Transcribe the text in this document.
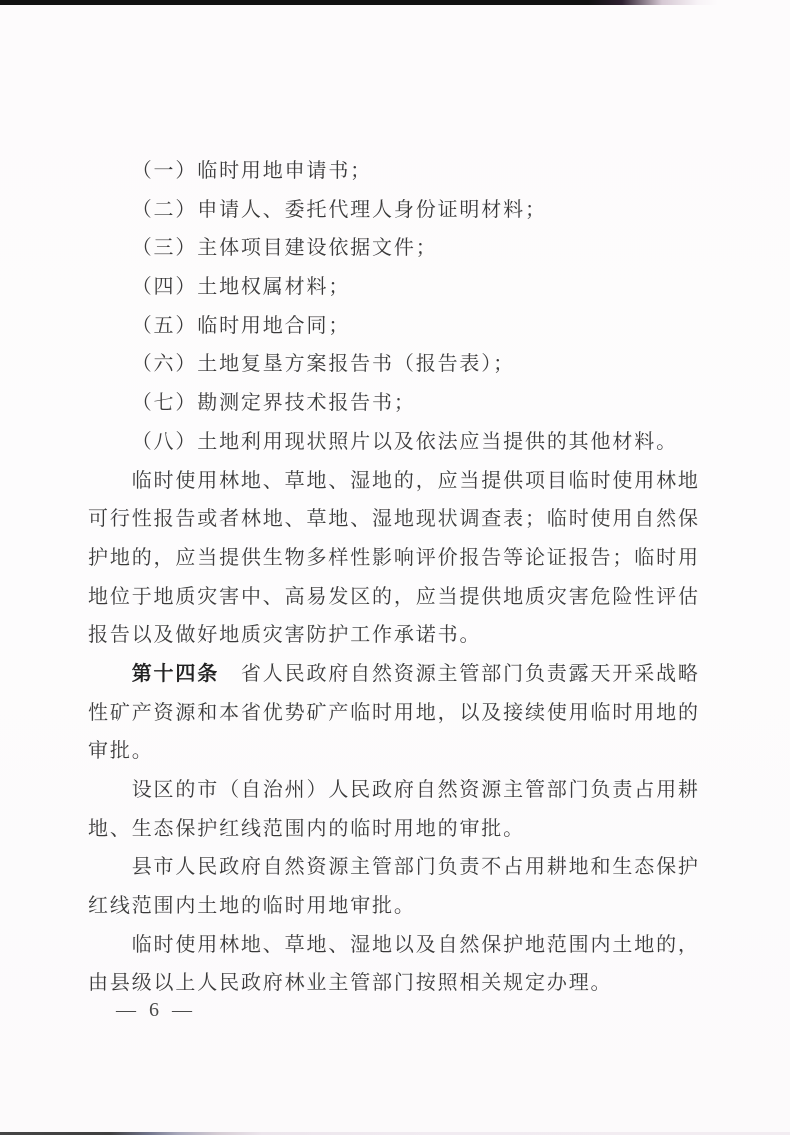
（一）临时用地申请书；
（二）申请人、委托代理人身份证明材料；
（三）主体项目建设依据文件；
（四）土地权属材料；
（五）临时用地合同；
（六）土地复垦方案报告书（报告表）；
（七）勘测定界技术报告书；
（八）土地利用现状照片以及依法应当提供的其他材料。
临时使用林地、草地、湿地的，应当提供项目临时使用林地
可行性报告或者林地、草地、湿地现状调查表；临时使用自然保
护地的，应当提供生物多样性影响评价报告等论证报告；临时用
地位于地质灾害中、高易发区的，应当提供地质灾害危险性评估
报告以及做好地质灾害防护工作承诺书。
第十四条 省人民政府自然资源主管部门负责露天开采战略
性矿产资源和本省优势矿产临时用地，以及接续使用临时用地的
审批。
设区的市（自治州）人民政府自然资源主管部门负责占用耕
地、生态保护红线范围内的临时用地的审批。
县市人民政府自然资源主管部门负责不占用耕地和生态保护
红线范围内土地的临时用地审批。
临时使用林地、草地、湿地以及自然保护地范围内土地的，
由县级以上人民政府林业主管部门按照相关规定办理。
— 6 —
